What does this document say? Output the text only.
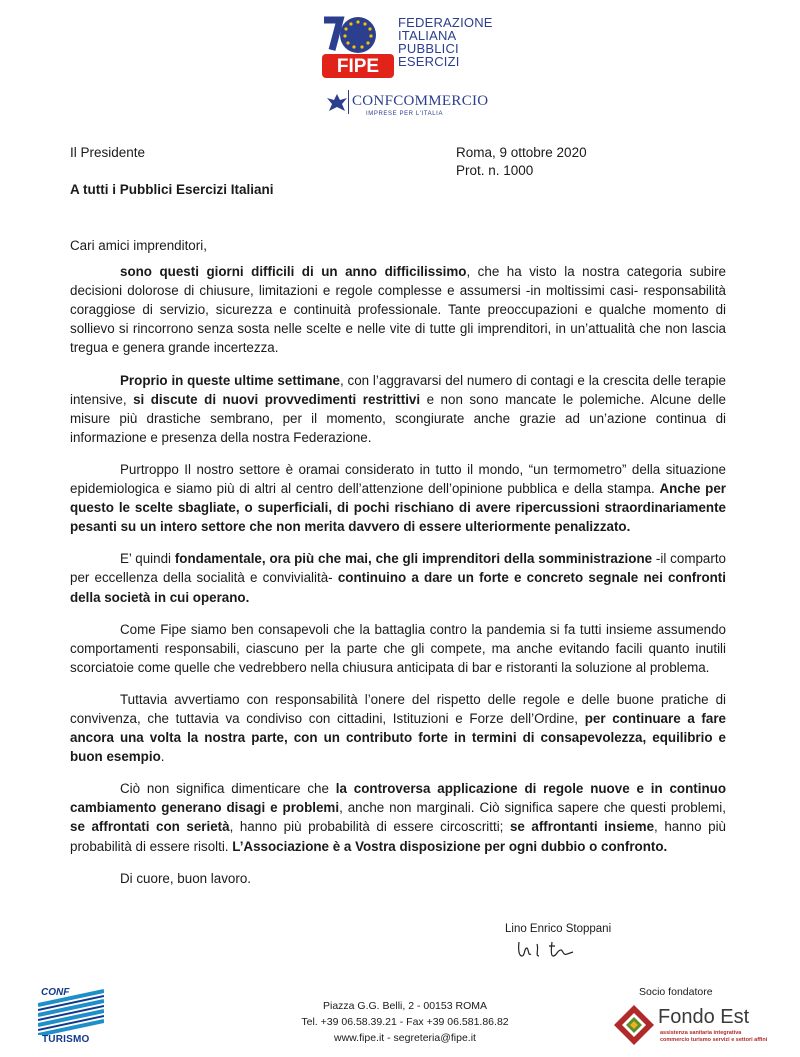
FIPE
FEDERAZIONE
ITALIANA
PUBBLICI
ESERCIZI
CONFCOMMERCIO
IMPRESE PER L'ITALIA
Il Presidente	Roma, 9 ottobre 2020
Prot. n. 1000
A tutti i Pubblici Esercizi Italiani

Cari amici imprenditori,

sono questi giorni difficili di un anno difficilissimo, che ha visto la nostra categoria subire decisioni dolorose di chiusure, limitazioni e regole complesse e assumersi -in moltissimi casi- responsabilità coraggiose di servizio, sicurezza e continuità professionale. Tante preoccupazioni e qualche momento di sollievo si rincorrono senza sosta nelle scelte e nelle vite di tutte gli imprenditori, in un’attualità che non lascia tregua e genera grande incertezza.

Proprio in queste ultime settimane, con l’aggravarsi del numero di contagi e la crescita delle terapie intensive, si discute di nuovi provvedimenti restrittivi e non sono mancate le polemiche. Alcune delle misure più drastiche sembrano, per il momento, scongiurate anche grazie ad un’azione continua di informazione e presenza della nostra Federazione.

Purtroppo Il nostro settore è oramai considerato in tutto il mondo, “un termometro” della situazione epidemiologica e siamo più di altri al centro dell’attenzione dell’opinione pubblica e della stampa. Anche per questo le scelte sbagliate, o superficiali, di pochi rischiano di avere ripercussioni straordinariamente pesanti su un intero settore che non merita davvero di essere ulteriormente penalizzato.

E’ quindi fondamentale, ora più che mai, che gli imprenditori della somministrazione -il comparto per eccellenza della socialità e convivialità- continuino a dare un forte e concreto segnale nei confronti della società in cui operano.

Come Fipe siamo ben consapevoli che la battaglia contro la pandemia si fa tutti insieme assumendo comportamenti responsabili, ciascuno per la parte che gli compete, ma anche evitando facili quanto inutili scorciatoie come quelle che vedrebbero nella chiusura anticipata di bar e ristoranti la soluzione al problema.

Tuttavia avvertiamo con responsabilità l’onere del rispetto delle regole e delle buone pratiche di convivenza, che tuttavia va condiviso con cittadini, Istituzioni e Forze dell’Ordine, per continuare a fare ancora una volta la nostra parte, con un contributo forte in termini di consapevolezza, equilibrio e buon esempio.

Ciò non significa dimenticare che la controversa applicazione di regole nuove e in continuo cambiamento generano disagi e problemi, anche non marginali. Ciò significa sapere che questi problemi, se affrontati con serietà, hanno più probabilità di essere circoscritti; se affrontanti insieme, hanno più probabilità di essere risolti. L’Associazione è a Vostra disposizione per ogni dubbio o confronto.

Di cuore, buon lavoro.

Lino Enrico Stoppani
CONF
TURISMO
Piazza G.G. Belli, 2 - 00153 ROMA
Tel. +39 06.58.39.21 - Fax +39 06.581.86.82
www.fipe.it - segreteria@fipe.it
Socio fondatore
Fondo Est
assistenza sanitaria integrativa
commercio turismo servizi e settori affini
